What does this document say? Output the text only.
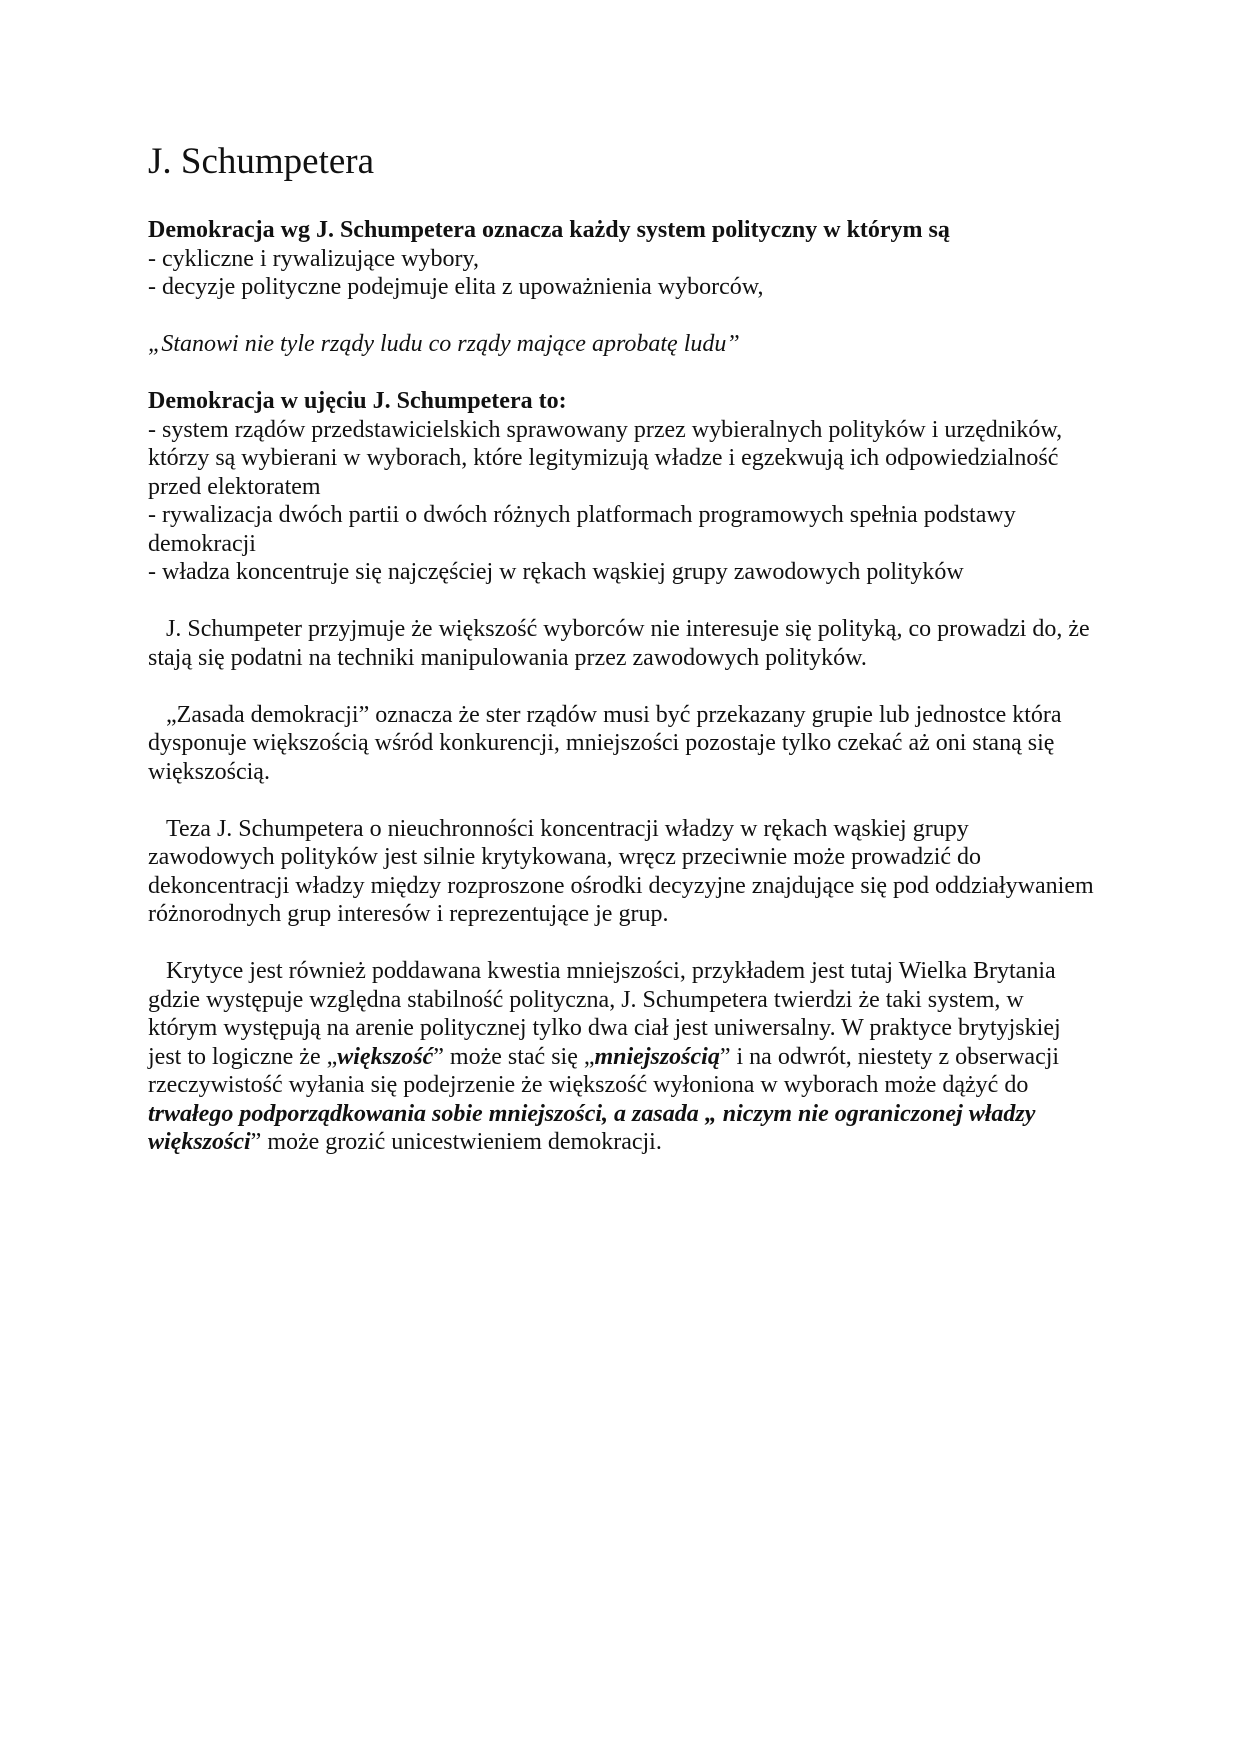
J. Schumpetera

Demokracja wg J. Schumpetera oznacza każdy system polityczny w którym są

- cykliczne i rywalizujące wybory,

- decyzje polityczne podejmuje elita z upoważnienia wyborców,

„Stanowi nie tyle rządy ludu co rządy mające aprobatę ludu”

Demokracja w ujęciu J. Schumpetera to:

- system rządów przedstawicielskich sprawowany przez wybieralnych polityków i urzędników, którzy są wybierani w wyborach, które legitymizują władze i egzekwują ich odpowiedzialność przed elektoratem

- rywalizacja dwóch partii o dwóch różnych platformach programowych spełnia podstawy demokracji

- władza koncentruje się najczęściej w rękach wąskiej grupy zawodowych polityków

J. Schumpeter przyjmuje że większość wyborców nie interesuje się polityką, co prowadzi do, że stają się podatni na techniki manipulowania przez zawodowych polityków.

„Zasada demokracji” oznacza że ster rządów musi być przekazany grupie lub jednostce która dysponuje większością wśród konkurencji, mniejszości pozostaje tylko czekać aż oni staną się większością.

Teza J. Schumpetera o nieuchronności koncentracji władzy w rękach wąskiej grupy zawodowych polityków jest silnie krytykowana, wręcz przeciwnie może prowadzić do dekoncentracji władzy między rozproszone ośrodki decyzyjne znajdujące się pod oddziaływaniem różnorodnych grup interesów i reprezentujące je grup.

Krytyce jest również poddawana kwestia mniejszości, przykładem jest tutaj Wielka Brytania gdzie występuje względna stabilność polityczna, J. Schumpetera twierdzi że taki system, w którym występują na arenie politycznej tylko dwa ciał jest uniwersalny. W praktyce brytyjskiej jest to logiczne że „większość” może stać się „mniejszością” i na odwrót, niestety z obserwacji rzeczywistość wyłania się podejrzenie że większość wyłoniona w wyborach może dążyć do trwałego podporządkowania sobie mniejszości, a zasada „ niczym nie ograniczonej władzy większości” może grozić unicestwieniem demokracji.
